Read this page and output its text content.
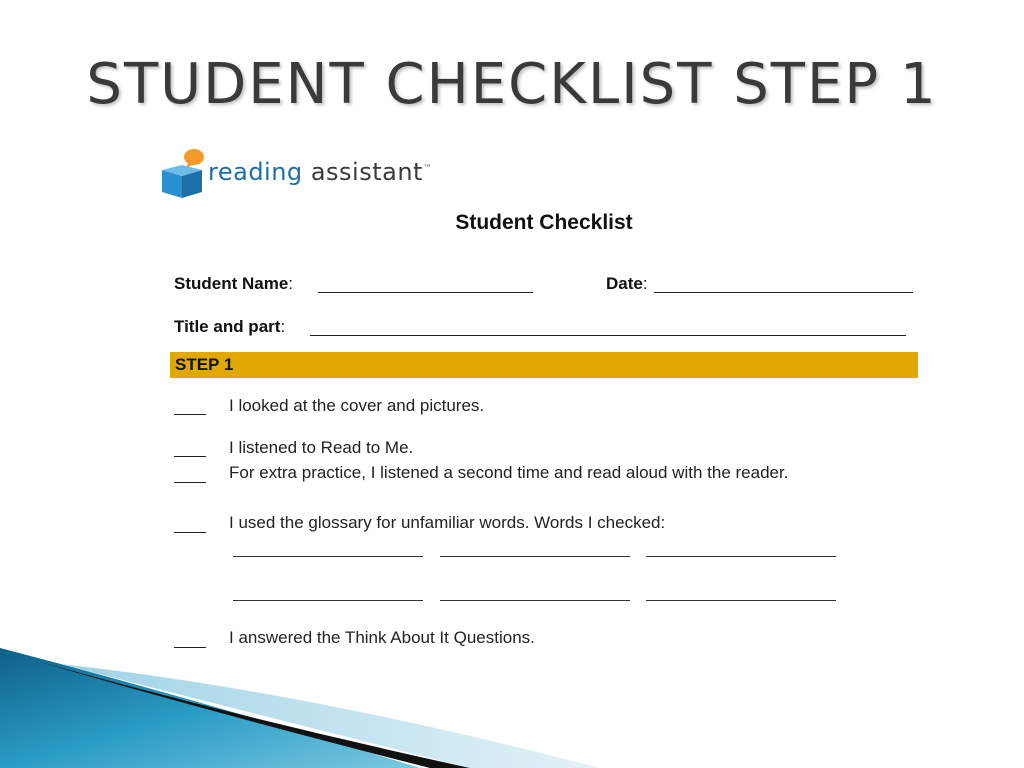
STUDENT CHECKLIST STEP 1
reading assistant™
Student Checklist
Student Name:	Date:
Title and part:
STEP 1
I looked at the cover and pictures.
I listened to Read to Me.
For extra practice, I listened a second time and read aloud with the reader.
I used the glossary for unfamiliar words. Words I checked:
I answered the Think About It Questions.
